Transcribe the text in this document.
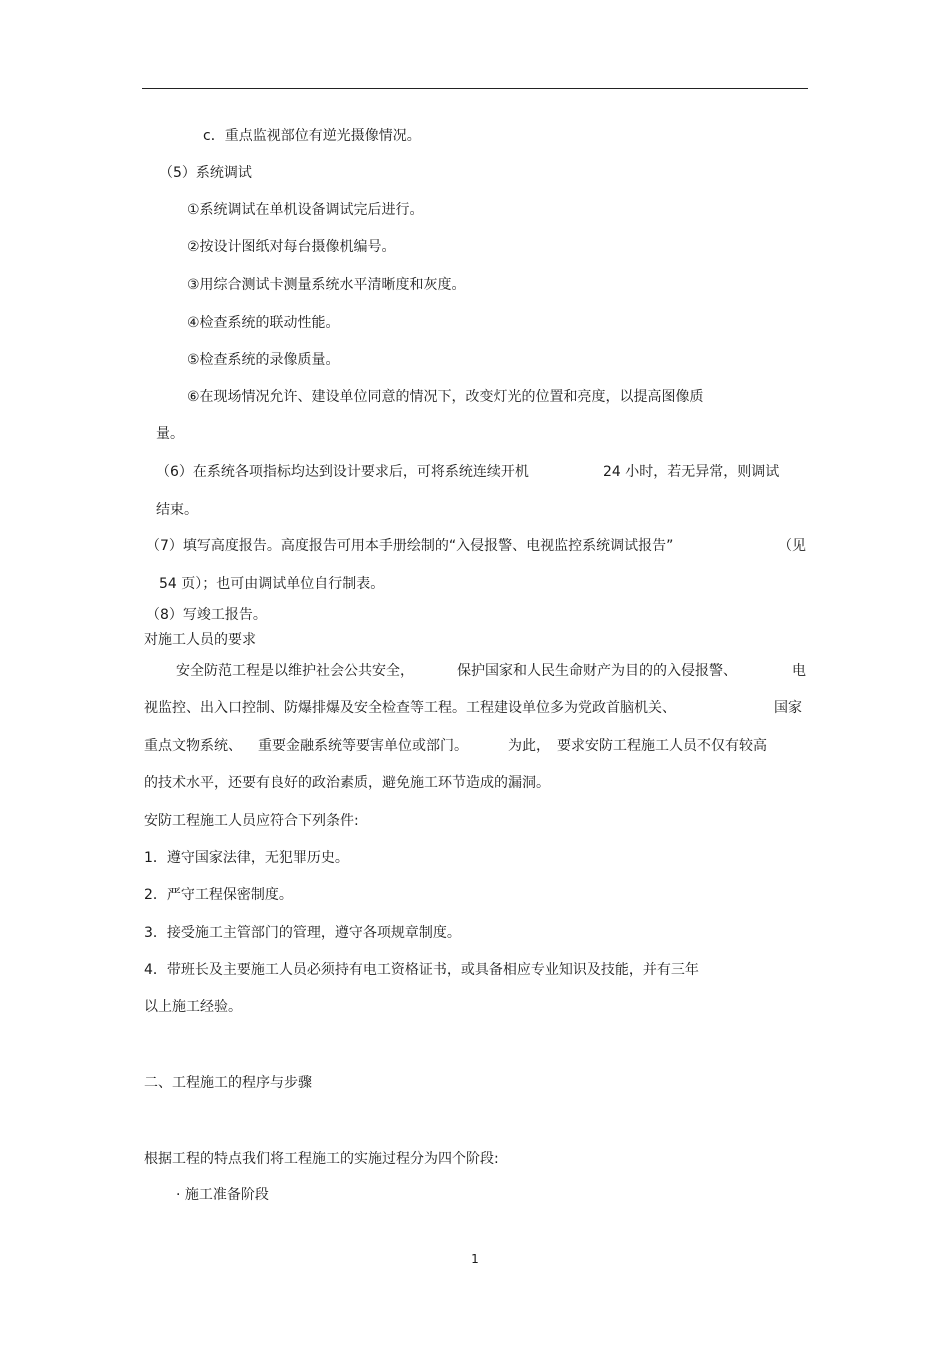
c．重点监视部位有逆光摄像情况。
（5）系统调试
①系统调试在单机设备调试完后进行。
②按设计图纸对每台摄像机编号。
③用综合测试卡测量系统水平清晰度和灰度。
④检查系统的联动性能。
⑤检查系统的录像质量。
⑥在现场情况允许、建设单位同意的情况下，改变灯光的位置和亮度，以提高图像质
量。
（6）在系统各项指标均达到设计要求后，可将系统连续开机	24 小时，若无异常，则调试
结束。
（7）填写高度报告。高度报告可用本手册绘制的“入侵报警、电视监控系统调试报告”	（见
54 页）；也可由调试单位自行制表。
（8）写竣工报告。
对施工人员的要求
安全防范工程是以维护社会公共安全，	保护国家和人民生命财产为目的的入侵报警、	电
视监控、出入口控制、防爆排爆及安全检查等工程。工程建设单位多为党政首脑机关、	国家
重点文物系统、 重要金融系统等要害单位或部门。	为此， 要求安防工程施工人员不仅有较高
的技术水平，还要有良好的政治素质，避免施工环节造成的漏洞。
安防工程施工人员应符合下列条件:
1．遵守国家法律，无犯罪历史。
2．严守工程保密制度。
3．接受施工主管部门的管理，遵守各项规章制度。
4．带班长及主要施工人员必须持有电工资格证书，或具备相应专业知识及技能，并有三年
以上施工经验。
二、工程施工的程序与步骤
根据工程的特点我们将工程施工的实施过程分为四个阶段:
· 施工准备阶段
1
